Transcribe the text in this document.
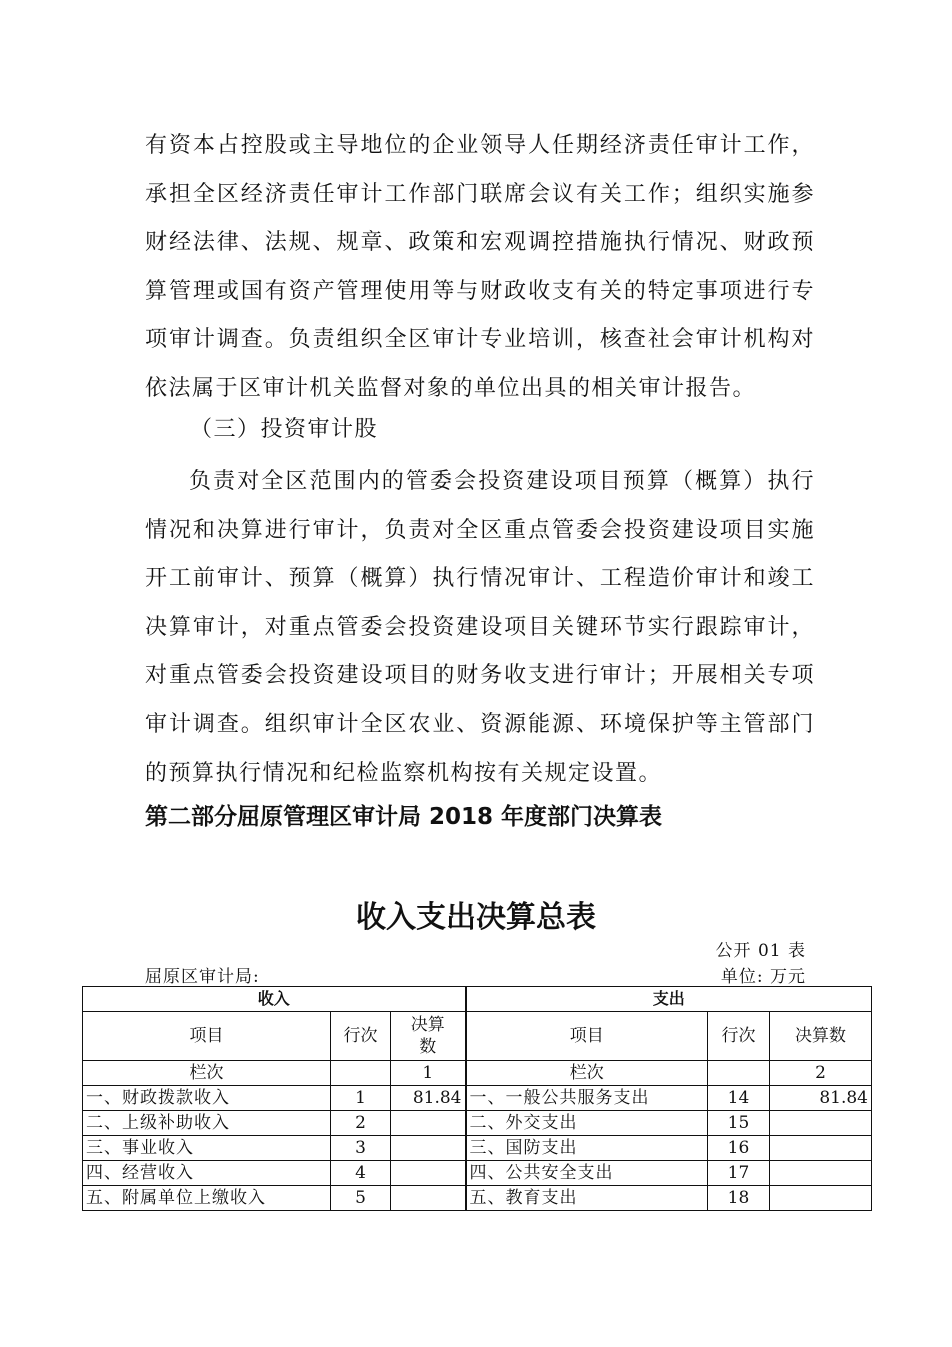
有资本占控股或主导地位的企业领导人任期经济责任审计工作，承担全区经济责任审计工作部门联席会议有关工作；组织实施参财经法律、法规、规章、政策和宏观调控措施执行情况、财政预算管理或国有资产管理使用等与财政收支有关的特定事项进行专项审计调查。负责组织全区审计专业培训，核查社会审计机构对依法属于区审计机关监督对象的单位出具的相关审计报告。

（三）投资审计股

负责对全区范围内的管委会投资建设项目预算（概算）执行情况和决算进行审计，负责对全区重点管委会投资建设项目实施开工前审计、预算（概算）执行情况审计、工程造价审计和竣工决算审计，对重点管委会投资建设项目关键环节实行跟踪审计，对重点管委会投资建设项目的财务收支进行审计；开展相关专项审计调查。组织审计全区农业、资源能源、环境保护等主管部门的预算执行情况和纪检监察机构按有关规定设置。

第二部分屈原管理区审计局 2018 年度部门决算表
收入支出决算总表
公开 01 表
屈原区审计局:	单位: 万元
收入			支出		
项目	行次	决算数	项目	行次	决算数
栏次		1	栏次		2
一、财政拨款收入	1	81.84	一、一般公共服务支出	14	81.84
二、上级补助收入	2		二、外交支出	15	
三、事业收入	3		三、国防支出	16	
四、经营收入	4		四、公共安全支出	17	
五、附属单位上缴收入	5		五、教育支出	18	
